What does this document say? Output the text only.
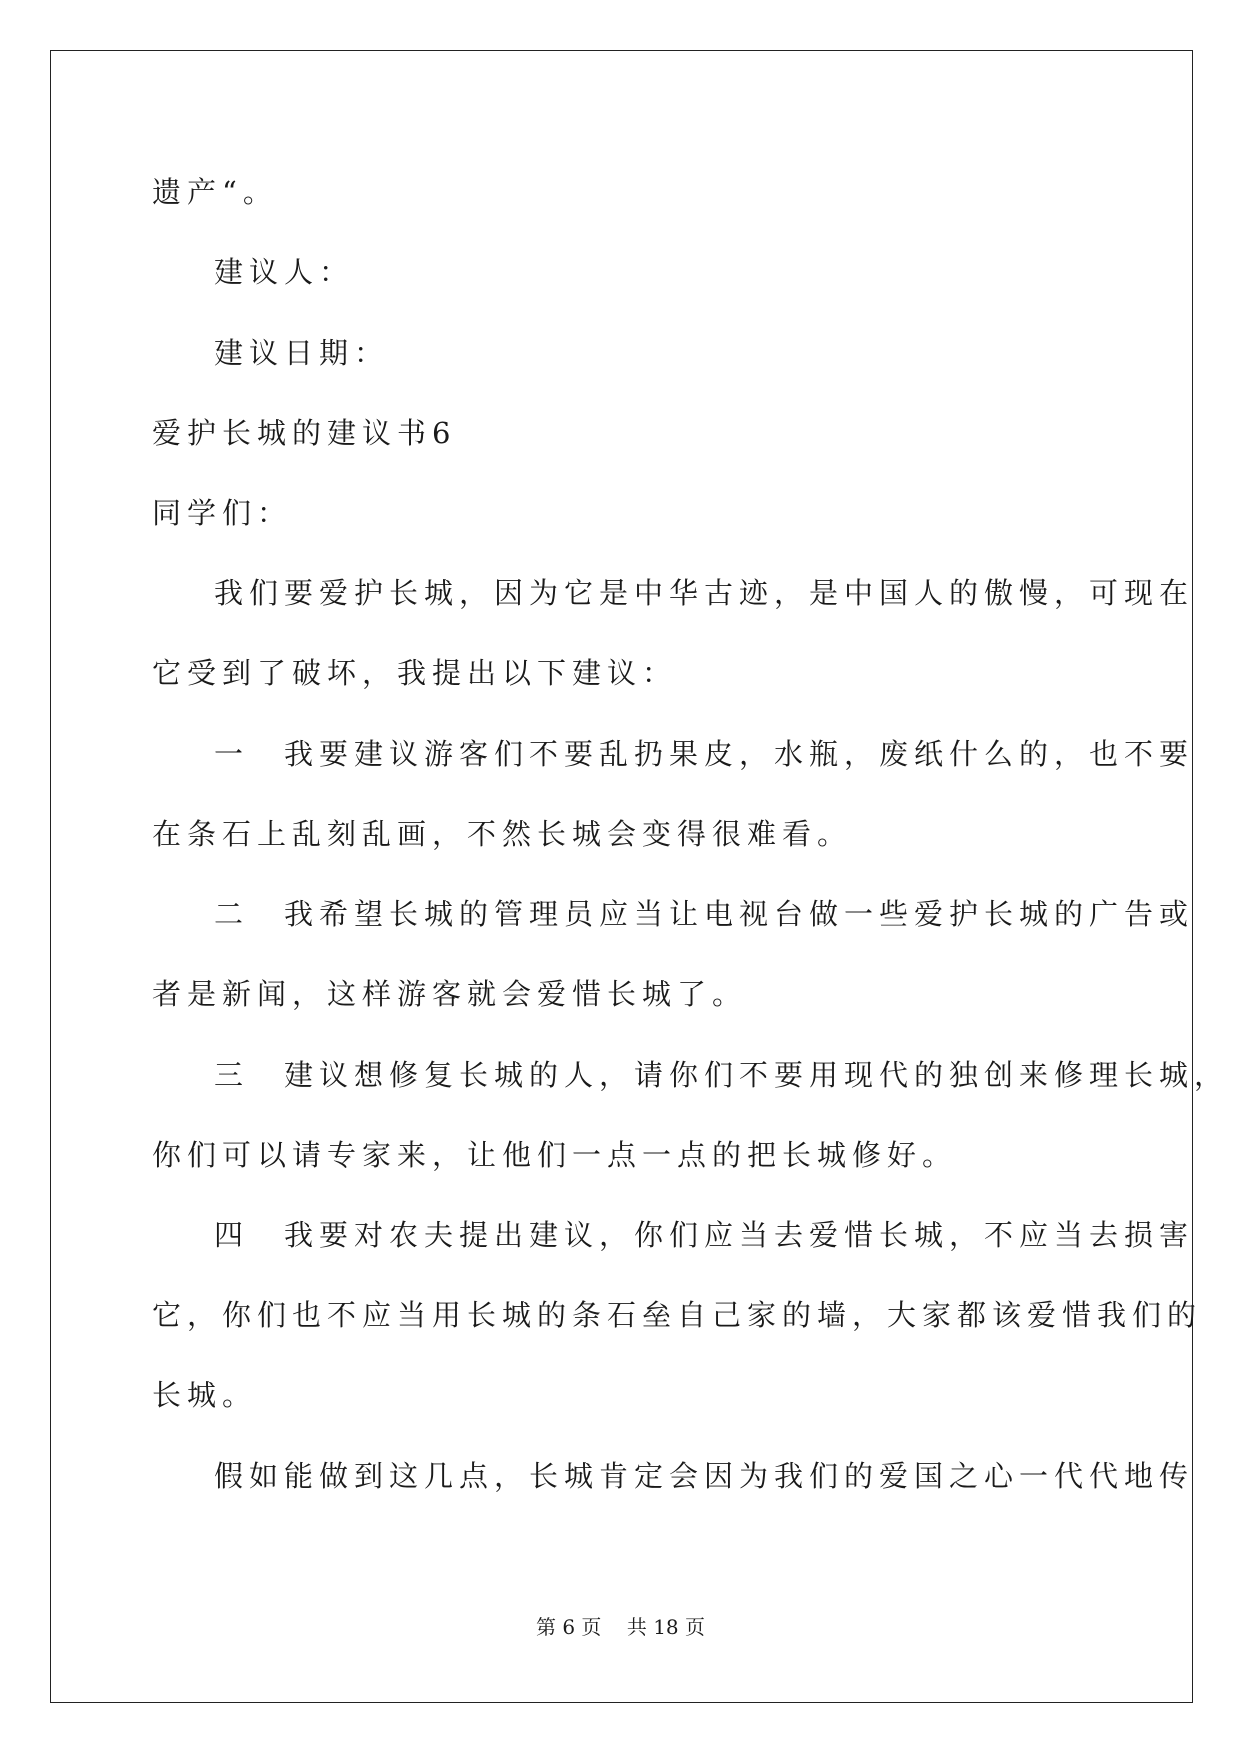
遗产“。
建议人：
建议日期：
爱护长城的建议书6
同学们：
我们要爱护长城，因为它是中华古迹，是中国人的傲慢，可现在
它受到了破坏，我提出以下建议：
一　我要建议游客们不要乱扔果皮，水瓶，废纸什么的，也不要
在条石上乱刻乱画，不然长城会变得很难看。
二　我希望长城的管理员应当让电视台做一些爱护长城的广告或
者是新闻，这样游客就会爱惜长城了。
三　建议想修复长城的人，请你们不要用现代的独创来修理长城，
你们可以请专家来，让他们一点一点的把长城修好。
四　我要对农夫提出建议，你们应当去爱惜长城，不应当去损害
它，你们也不应当用长城的条石垒自己家的墙，大家都该爱惜我们的
长城。
假如能做到这几点，长城肯定会因为我们的爱国之心一代代地传
第 6 页    共 18 页
